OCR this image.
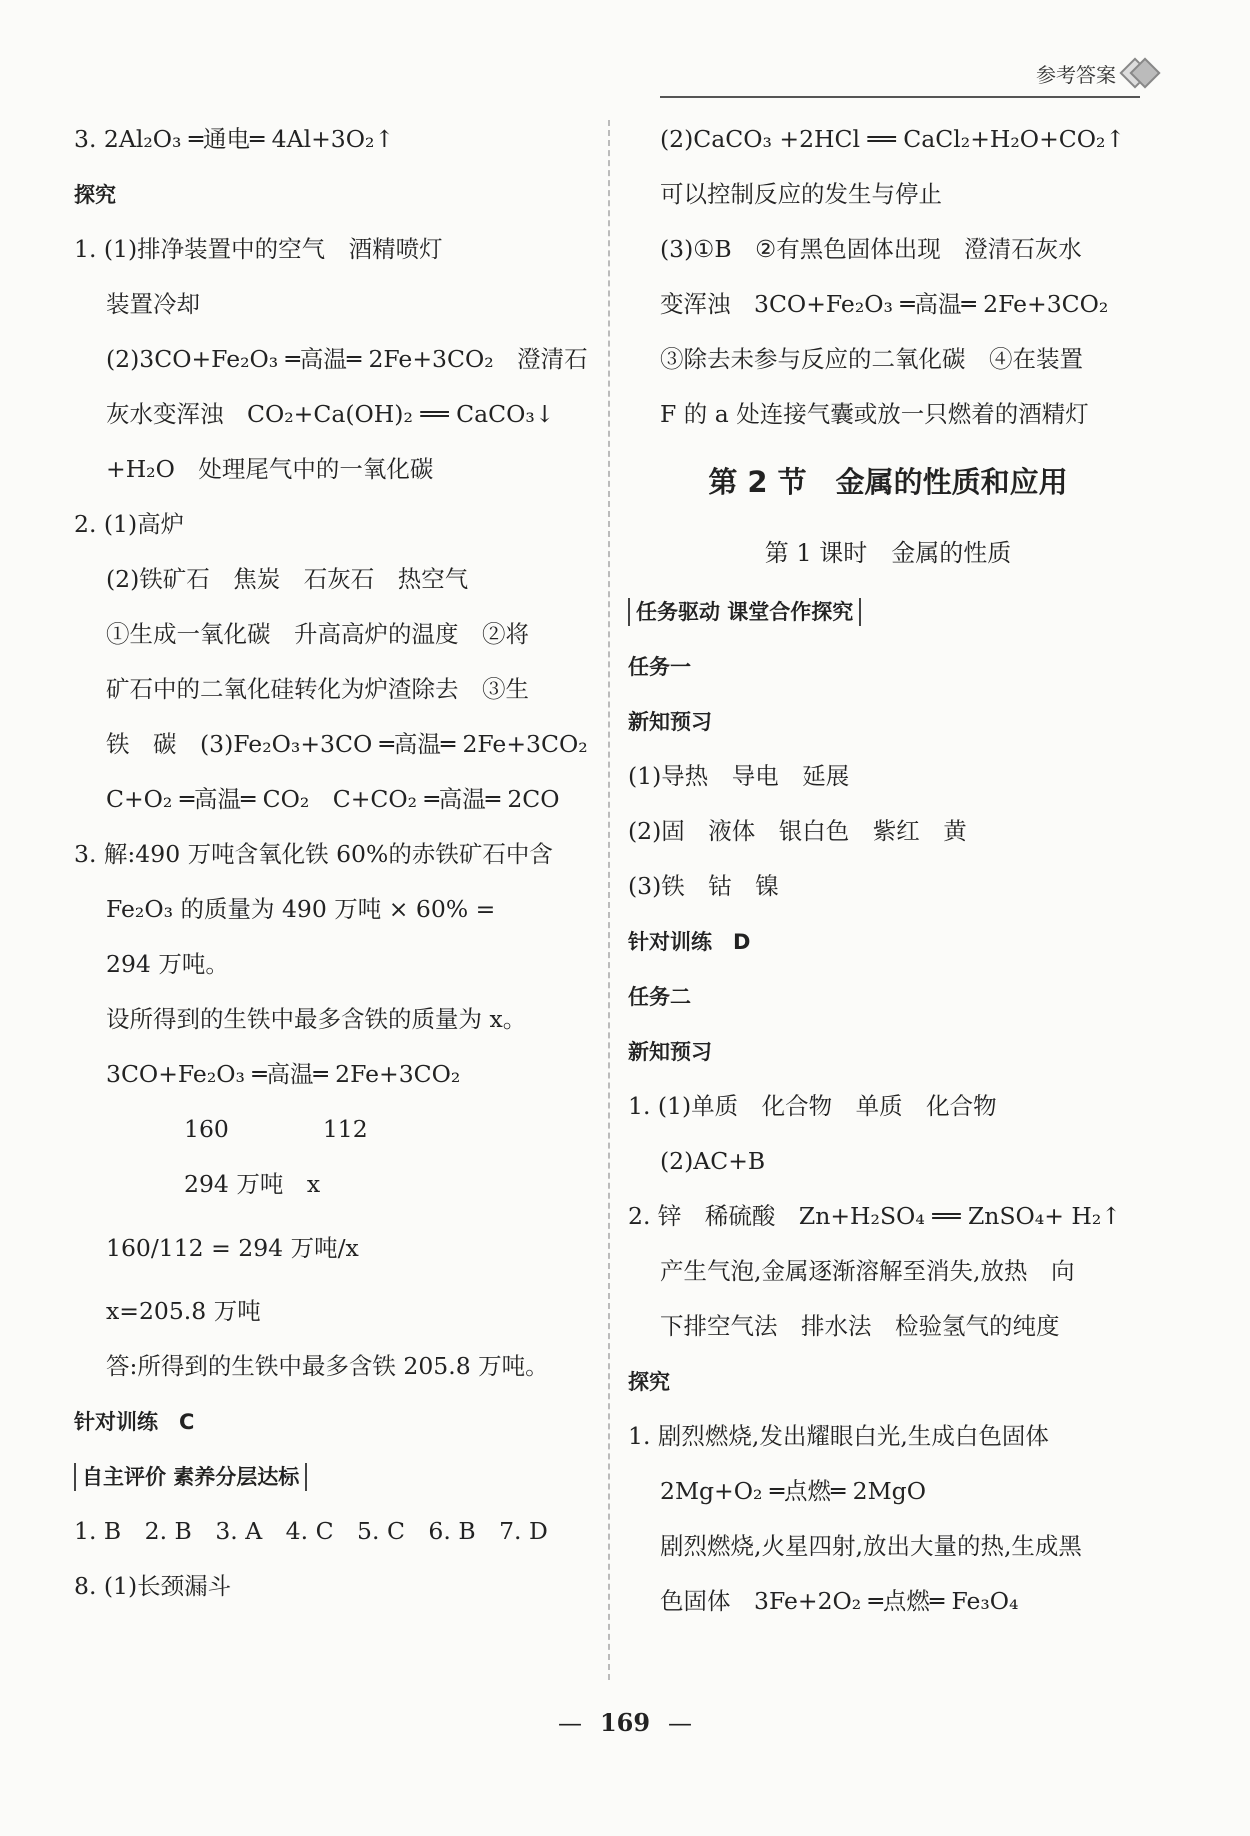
参考答案
3. 2Al₂O₃ ═通电═ 4Al+3O₂↑
探究
1. (1)排净装置中的空气　酒精喷灯
装置冷却
(2)3CO+Fe₂O₃ ═高温═ 2Fe+3CO₂　澄清石
灰水变浑浊　CO₂+Ca(OH)₂ ══ CaCO₃↓
+H₂O　处理尾气中的一氧化碳
2. (1)高炉
(2)铁矿石　焦炭　石灰石　热空气
①生成一氧化碳　升高高炉的温度　②将
矿石中的二氧化硅转化为炉渣除去　③生
铁　碳　(3)Fe₂O₃+3CO ═高温═ 2Fe+3CO₂
C+O₂ ═高温═ CO₂　C+CO₂ ═高温═ 2CO
3. 解:490 万吨含氧化铁 60%的赤铁矿石中含
Fe₂O₃ 的质量为 490 万吨 × 60% =
294 万吨。
设所得到的生铁中最多含铁的质量为 x。
3CO+Fe₂O₃ ═高温═ 2Fe+3CO₂
160　　　　112
294 万吨　x
160/112 = 294 万吨/x
x=205.8 万吨
答:所得到的生铁中最多含铁 205.8 万吨。
针对训练　C
自主评价 素养分层达标
1. B　2. B　3. A　4. C　5. C　6. B　7. D
8. (1)长颈漏斗
(2)CaCO₃ +2HCl ══ CaCl₂+H₂O+CO₂↑
可以控制反应的发生与停止
(3)①B　②有黑色固体出现　澄清石灰水
变浑浊　3CO+Fe₂O₃ ═高温═ 2Fe+3CO₂
③除去未参与反应的二氧化碳　④在装置
F 的 a 处连接气囊或放一只燃着的酒精灯
第 2 节　金属的性质和应用
第 1 课时　金属的性质
任务驱动 课堂合作探究
任务一
新知预习
(1)导热　导电　延展
(2)固　液体　银白色　紫红　黄
(3)铁　钴　镍
针对训练　D
任务二
新知预习
1. (1)单质　化合物　单质　化合物
(2)AC+B
2. 锌　稀硫酸　Zn+H₂SO₄ ══ ZnSO₄+ H₂↑
产生气泡,金属逐渐溶解至消失,放热　向
下排空气法　排水法　检验氢气的纯度
探究
1. 剧烈燃烧,发出耀眼白光,生成白色固体
2Mg+O₂ ═点燃═ 2MgO
剧烈燃烧,火星四射,放出大量的热,生成黑
色固体　3Fe+2O₂ ═点燃═ Fe₃O₄
— 169 —
